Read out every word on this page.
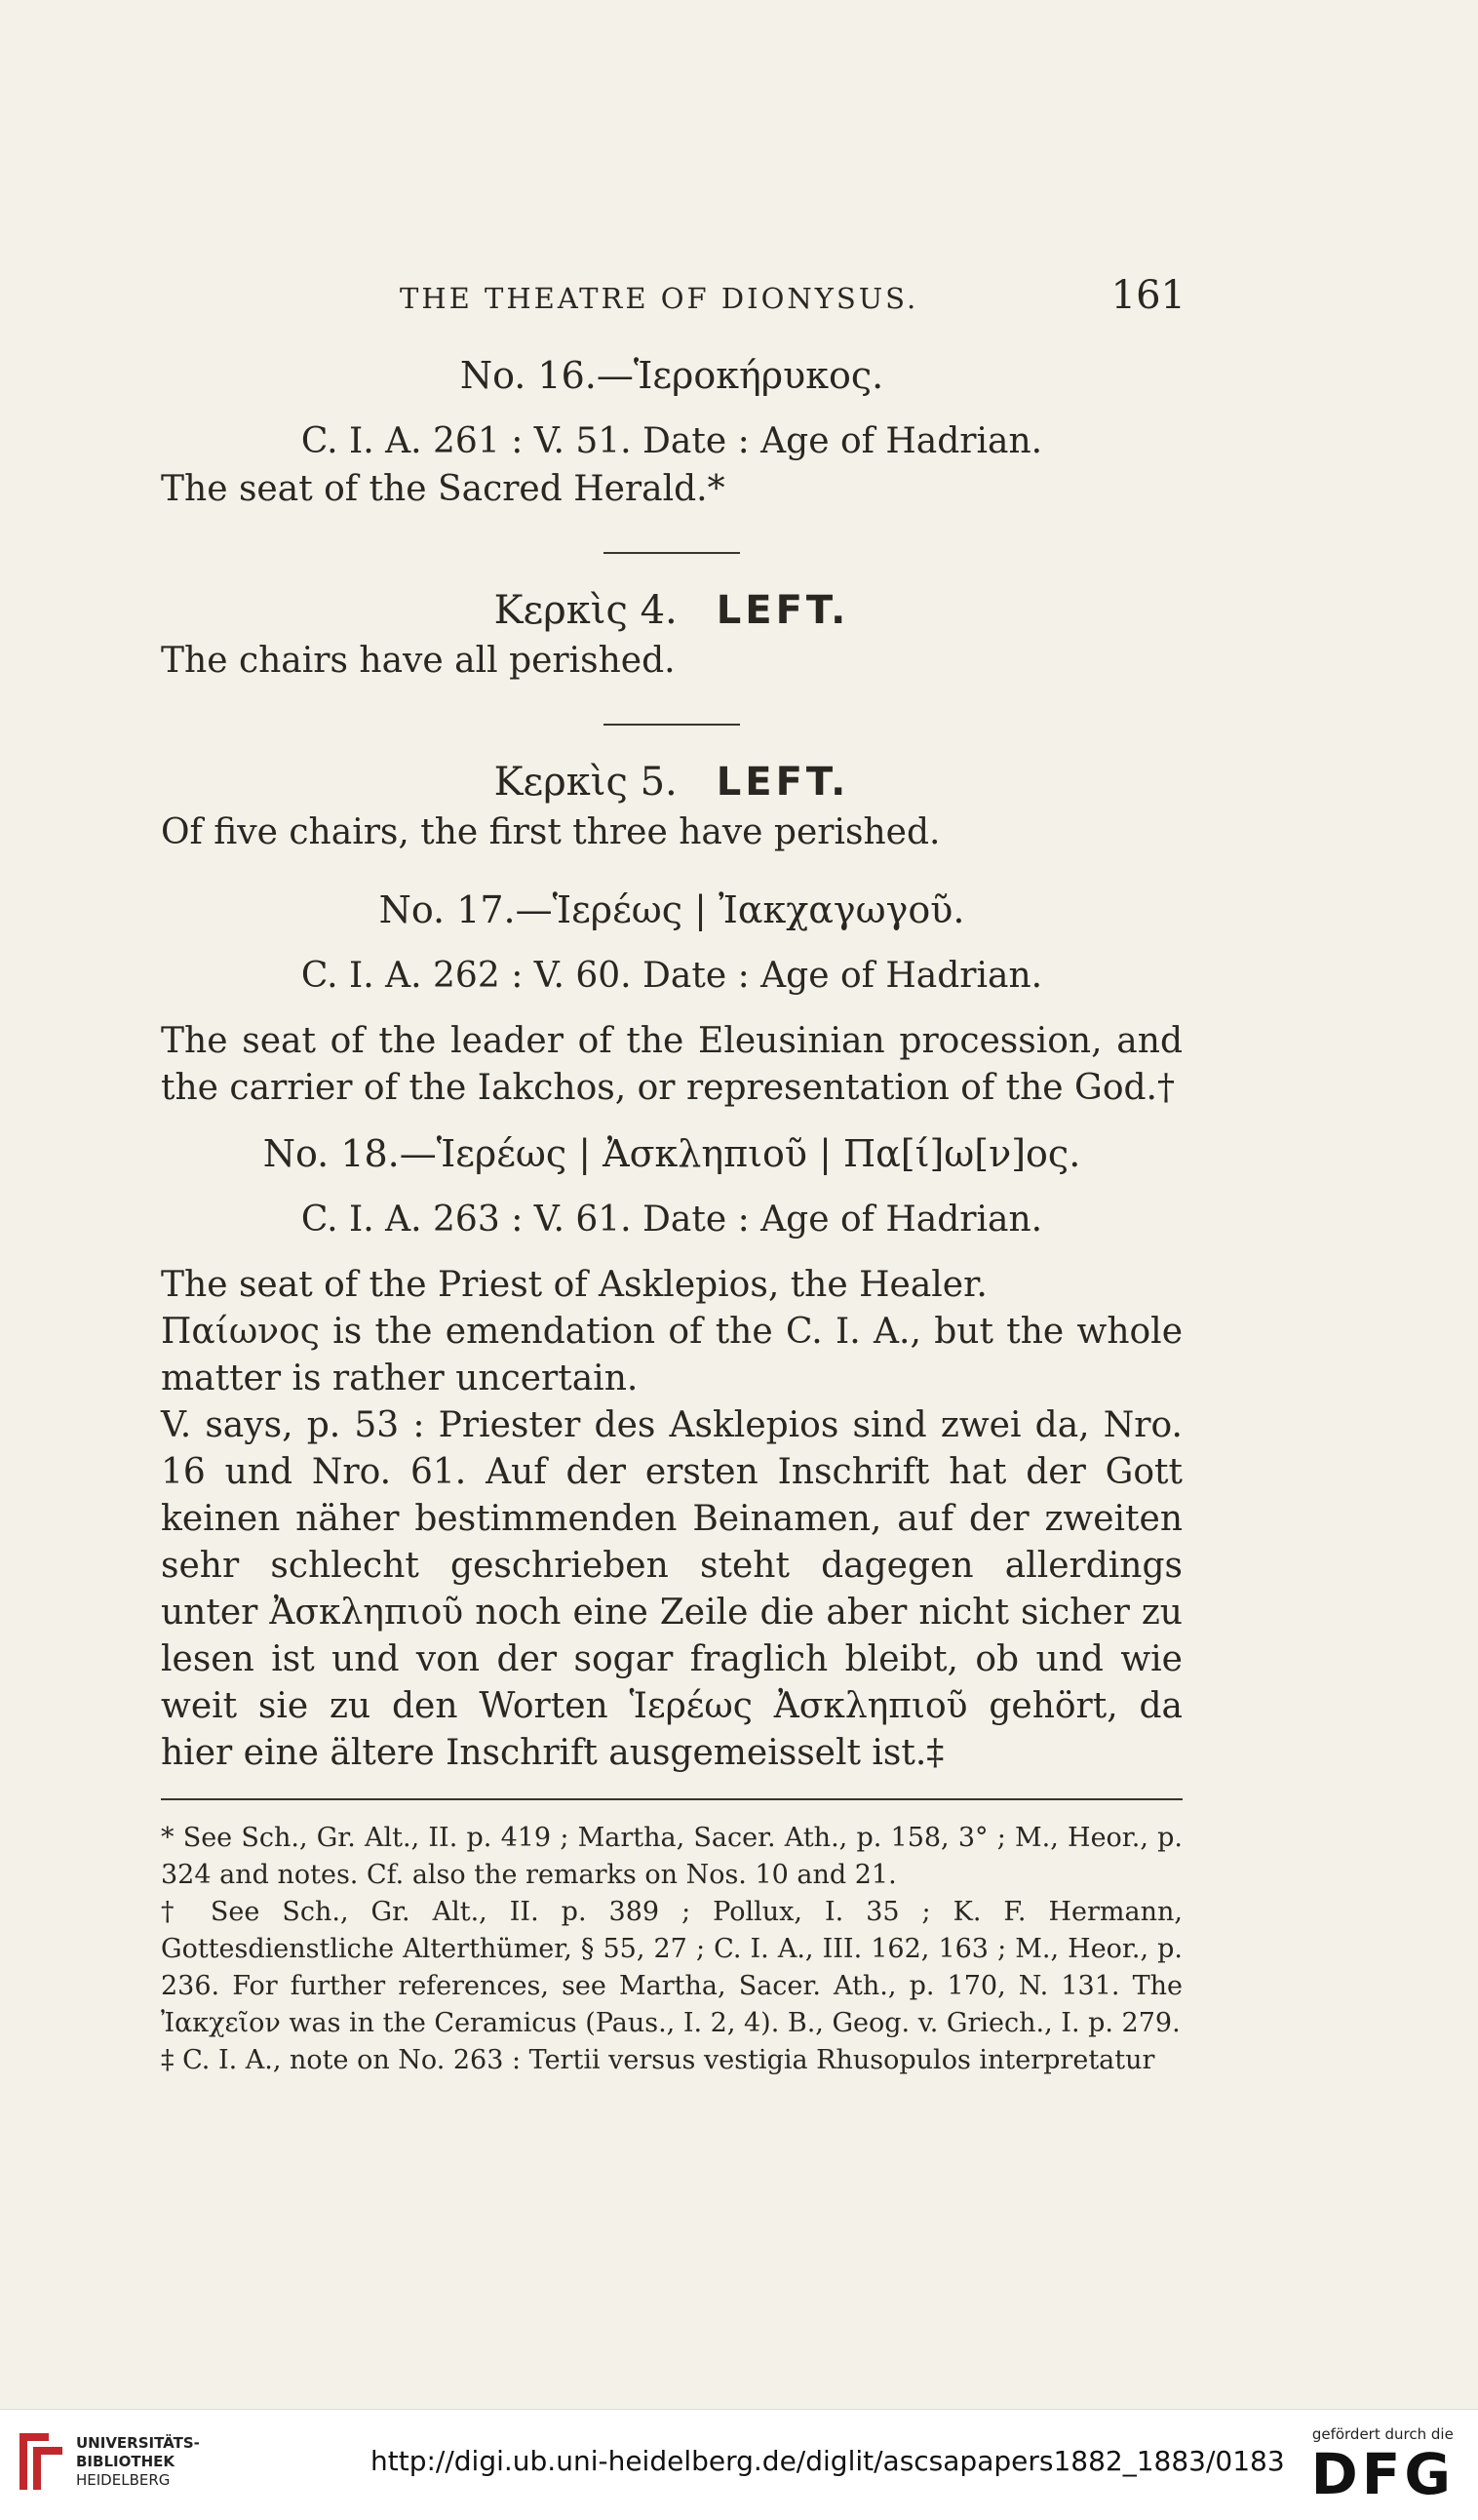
THE THEATRE OF DIONYSUS.	161
No. 16.—Ἱεροκήρυκος.
C. I. A. 261 : V. 51. Date : Age of Hadrian.
The seat of the Sacred Herald.*
Κερκὶς 4. LEFT.
The chairs have all perished.
Κερκὶς 5. LEFT.
Of five chairs, the first three have perished.
No. 17.—Ἱερέως | Ἰακχαγωγοῦ.
C. I. A. 262 : V. 60. Date : Age of Hadrian.
The seat of the leader of the Eleusinian procession, and the carrier of the Iakchos, or representation of the God.†
No. 18.—Ἱερέως | Ἀσκληπιοῦ | Πα[ί]ω[ν]ος.
C. I. A. 263 : V. 61. Date : Age of Hadrian.
The seat of the Priest of Asklepios, the Healer.
Παίωνος is the emendation of the C. I. A., but the whole matter is rather uncertain.
V. says, p. 53 : Priester des Asklepios sind zwei da, Nro. 16 und Nro. 61. Auf der ersten Inschrift hat der Gott keinen näher bestimmenden Beinamen, auf der zweiten sehr schlecht geschrieben steht dagegen allerdings unter Ἀσκληπιοῦ noch eine Zeile die aber nicht sicher zu lesen ist und von der sogar fraglich bleibt, ob und wie weit sie zu den Worten Ἱερέως Ἀσκληπιοῦ gehört, da hier eine ältere Inschrift ausgemeisselt ist.‡
* See Sch., Gr. Alt., II. p. 419 ; Martha, Sacer. Ath., p. 158, 3° ; M., Heor., p. 324 and notes. Cf. also the remarks on Nos. 10 and 21.
† See Sch., Gr. Alt., II. p. 389 ; Pollux, I. 35 ; K. F. Hermann, Gottesdienstliche Alterthümer, § 55, 27 ; C. I. A., III. 162, 163 ; M., Heor., p. 236. For further references, see Martha, Sacer. Ath., p. 170, N. 131. The Ἰακχεῖον was in the Ceramicus (Paus., I. 2, 4). B., Geog. v. Griech., I. p. 279.
‡ C. I. A., note on No. 263 : Tertii versus vestigia Rhusopulos interpretatur
UNIVERSITÄTS-
BIBLIOTHEK
HEIDELBERG
http://digi.ub.uni-heidelberg.de/diglit/ascsapapers1882_1883/0183
gefördert durch die
DFG
